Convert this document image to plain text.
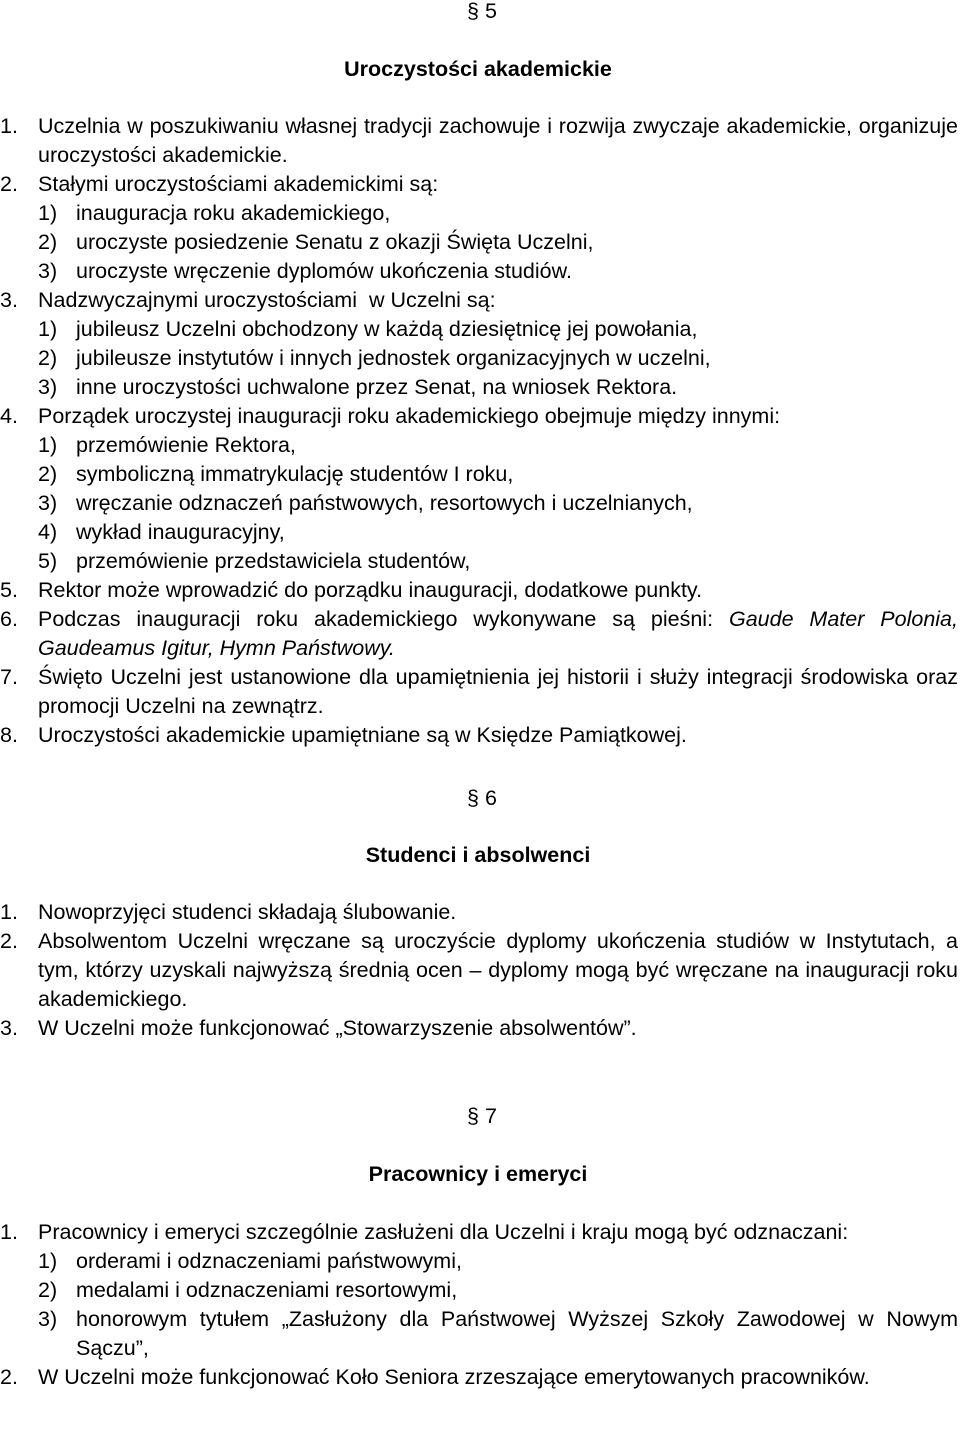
§ 5
Uroczystości akademickie
1. Uczelnia w poszukiwaniu własnej tradycji zachowuje i rozwija zwyczaje akademickie, organizuje uroczystości akademickie.
2. Stałymi uroczystościami akademickimi są:
1) inauguracja roku akademickiego,
2) uroczyste posiedzenie Senatu z okazji Święta Uczelni,
3) uroczyste wręczenie dyplomów ukończenia studiów.
3. Nadzwyczajnymi uroczystościami  w Uczelni są:
1) jubileusz Uczelni obchodzony w każdą dziesiętnicę jej powołania,
2) jubileusze instytutów i innych jednostek organizacyjnych w uczelni,
3) inne uroczystości uchwalone przez Senat, na wniosek Rektora.
4. Porządek uroczystej inauguracji roku akademickiego obejmuje między innymi:
1) przemówienie Rektora,
2) symboliczną immatrykulację studentów I roku,
3) wręczanie odznaczeń państwowych, resortowych i uczelnianych,
4) wykład inauguracyjny,
5) przemówienie przedstawiciela studentów,
5. Rektor może wprowadzić do porządku inauguracji, dodatkowe punkty.
6. Podczas inauguracji roku akademickiego wykonywane są pieśni: Gaude Mater Polonia, Gaudeamus Igitur, Hymn Państwowy.
7. Święto Uczelni jest ustanowione dla upamiętnienia jej historii i służy integracji środowiska oraz promocji Uczelni na zewnątrz.
8. Uroczystości akademickie upamiętniane są w Księdze Pamiątkowej.
§ 6
Studenci i absolwenci
1. Nowoprzyjęci studenci składają ślubowanie.
2. Absolwentom Uczelni wręczane są uroczyście dyplomy ukończenia studiów w Instytutach, a tym, którzy uzyskali najwyższą średnią ocen – dyplomy mogą być wręczane na inauguracji roku akademickiego.
3. W Uczelni może funkcjonować „Stowarzyszenie absolwentów”.
§ 7
Pracownicy i emeryci
1. Pracownicy i emeryci szczególnie zasłużeni dla Uczelni i kraju mogą być odznaczani:
1) orderami i odznaczeniami państwowymi,
2) medalami i odznaczeniami resortowymi,
3) honorowym tytułem „Zasłużony dla Państwowej Wyższej Szkoły Zawodowej w Nowym Sączu”,
2. W Uczelni może funkcjonować Koło Seniora zrzeszające emerytowanych pracowników.
